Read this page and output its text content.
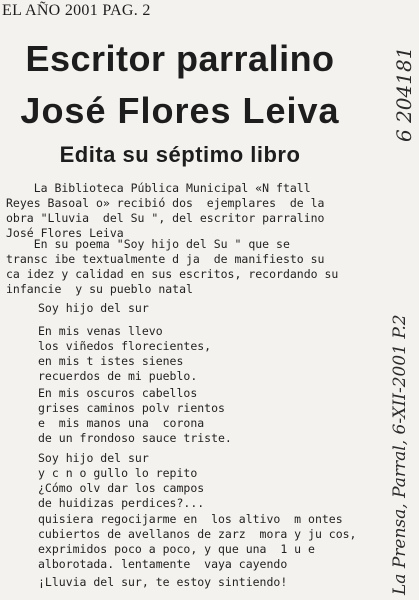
EL AÑO 2001 PAG. 2
Escritor parralino
José Flores Leiva
Edita su séptimo libro
La Biblioteca Pública Municipal «N ftall
Reyes Basoal o» recibió dos  ejemplares  de la
obra "Lluvia  del Su ", del escritor parralino
José Flores Leiva
En su poema "Soy hijo del Su " que se
transc ibe textualmente d ja  de manifiesto su
ca idez y calidad en sus escritos, recordando su
infancie  y su pueblo natal
Soy hijo del sur
En mis venas llevo
los viñedos florecientes,
en mis t istes sienes
recuerdos de mi pueblo.
En mis oscuros cabellos
grises caminos polv rientos
e  mis manos una  corona
de un frondoso sauce triste.
Soy hijo del sur
y c n o gullo lo repito
¿Cómo olv dar los campos
de huidizas perdices?...
quisiera regocijarme en  los altivo  m ontes
cubiertos de avellanos de zarz  mora y ju cos,
exprimidos poco a poco, y que una  1 u e
alborotada. lentamente  vaya cayendo
¡Lluvia del sur, te estoy sintiendo!
6 204181
La Prensa, Parral, 6-XII-2001 P.2
